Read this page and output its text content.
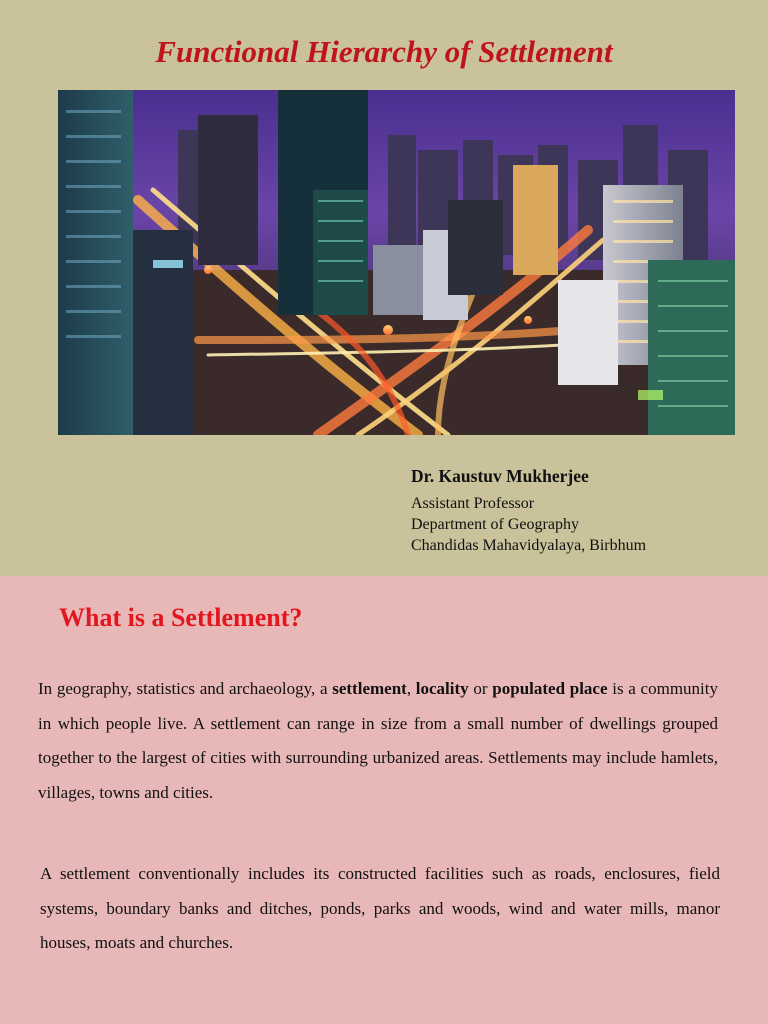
Functional Hierarchy of Settlement
Dr. Kaustuv Mukherjee
Assistant Professor
Department of Geography
Chandidas Mahavidyalaya, Birbhum
What is a Settlement?
In geography, statistics and archaeology, a settlement, locality or populated place is a community in which people live. A settlement can range in size from a small number of dwellings grouped together to the largest of cities with surrounding urbanized areas. Settlements may include hamlets, villages, towns and cities.
A settlement conventionally includes its constructed facilities such as roads, enclosures, field systems, boundary banks and ditches, ponds, parks and woods, wind and water mills, manor houses, moats and churches.
